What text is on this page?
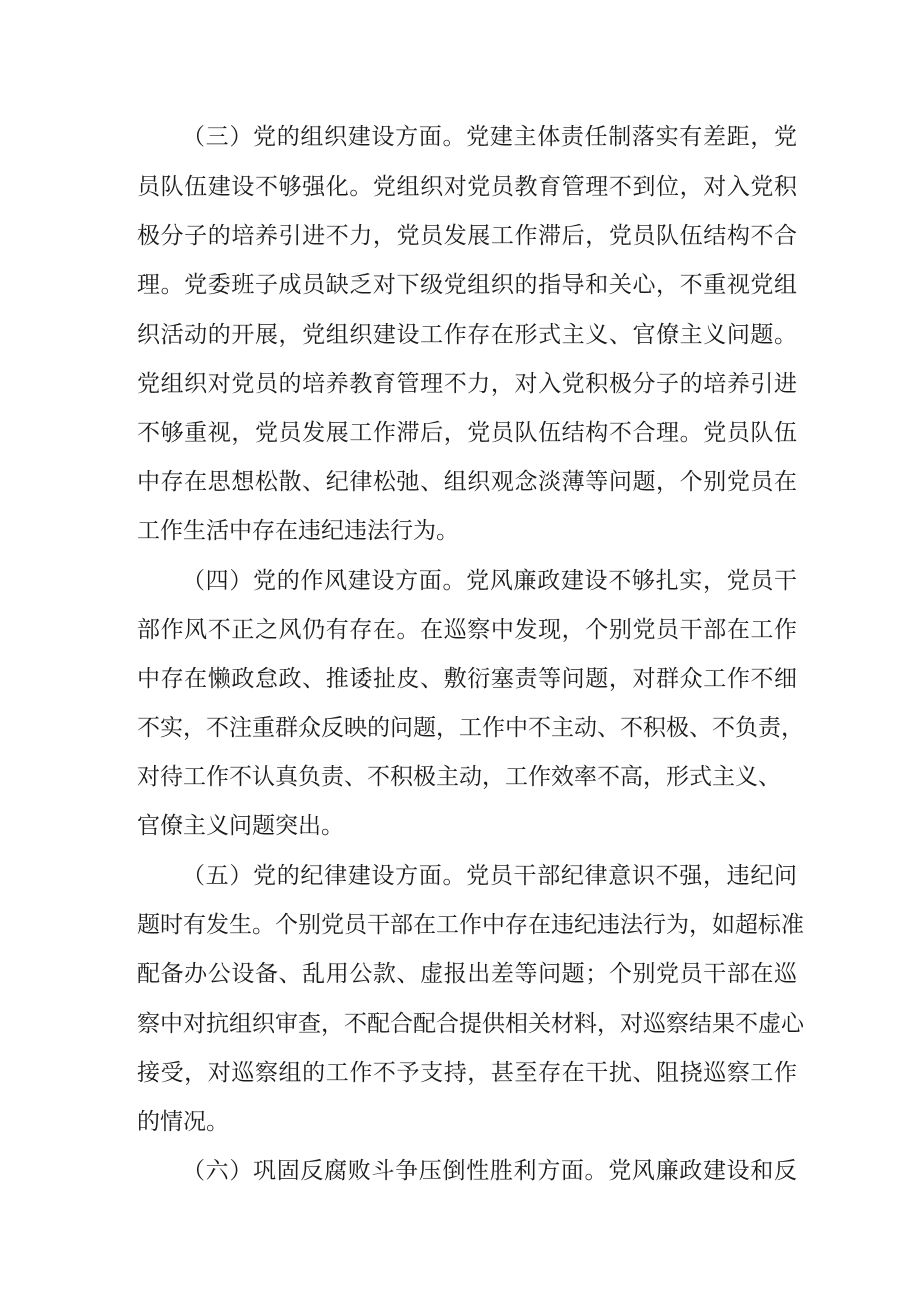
（三）党的组织建设方面。党建主体责任制落实有差距，党
员队伍建设不够强化。党组织对党员教育管理不到位，对入党积
极分子的培养引进不力，党员发展工作滞后，党员队伍结构不合
理。党委班子成员缺乏对下级党组织的指导和关心，不重视党组
织活动的开展，党组织建设工作存在形式主义、官僚主义问题。
党组织对党员的培养教育管理不力，对入党积极分子的培养引进
不够重视，党员发展工作滞后，党员队伍结构不合理。党员队伍
中存在思想松散、纪律松弛、组织观念淡薄等问题，个别党员在
工作生活中存在违纪违法行为。
（四）党的作风建设方面。党风廉政建设不够扎实，党员干
部作风不正之风仍有存在。在巡察中发现，个别党员干部在工作
中存在懒政怠政、推诿扯皮、敷衍塞责等问题，对群众工作不细
不实，不注重群众反映的问题，工作中不主动、不积极、不负责，
对待工作不认真负责、不积极主动，工作效率不高，形式主义、
官僚主义问题突出。
（五）党的纪律建设方面。党员干部纪律意识不强，违纪问
题时有发生。个别党员干部在工作中存在违纪违法行为，如超标准
配备办公设备、乱用公款、虚报出差等问题；个别党员干部在巡
察中对抗组织审查，不配合配合提供相关材料，对巡察结果不虚心
接受，对巡察组的工作不予支持，甚至存在干扰、阻挠巡察工作
的情况。
（六）巩固反腐败斗争压倒性胜利方面。党风廉政建设和反
